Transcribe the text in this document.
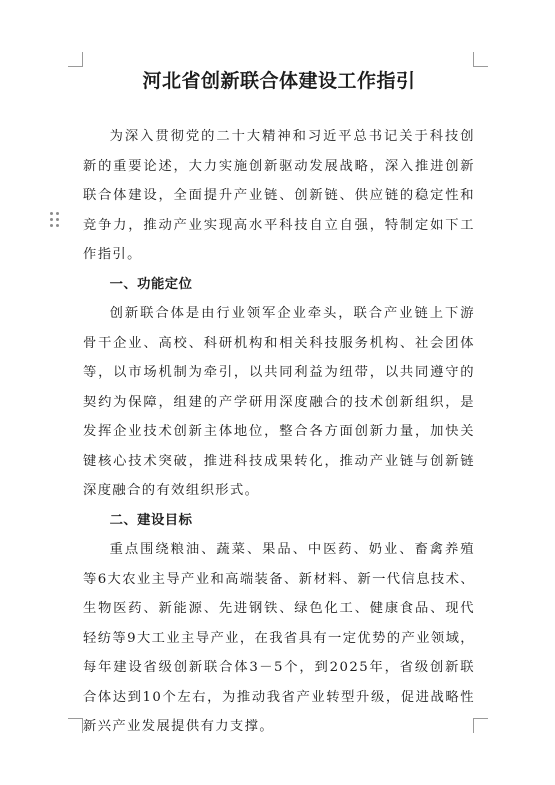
河北省创新联合体建设工作指引

为深入贯彻党的二十大精神和习近平总书记关于科技创新的重要论述，大力实施创新驱动发展战略，深入推进创新联合体建设，全面提升产业链、创新链、供应链的稳定性和竞争力，推动产业实现高水平科技自立自强，特制定如下工作指引。

一、功能定位

创新联合体是由行业领军企业牵头，联合产业链上下游骨干企业、高校、科研机构和相关科技服务机构、社会团体等，以市场机制为牵引，以共同利益为纽带，以共同遵守的契约为保障，组建的产学研用深度融合的技术创新组织，是发挥企业技术创新主体地位，整合各方面创新力量，加快关键核心技术突破，推进科技成果转化，推动产业链与创新链深度融合的有效组织形式。

二、建设目标

重点围绕粮油、蔬菜、果品、中医药、奶业、畜禽养殖等6大农业主导产业和高端装备、新材料、新一代信息技术、生物医药、新能源、先进钢铁、绿色化工、健康食品、现代轻纺等9大工业主导产业，在我省具有一定优势的产业领域，每年建设省级创新联合体3－5个，到2025年，省级创新联合体达到10个左右，为推动我省产业转型升级，促进战略性新兴产业发展提供有力支撑。
